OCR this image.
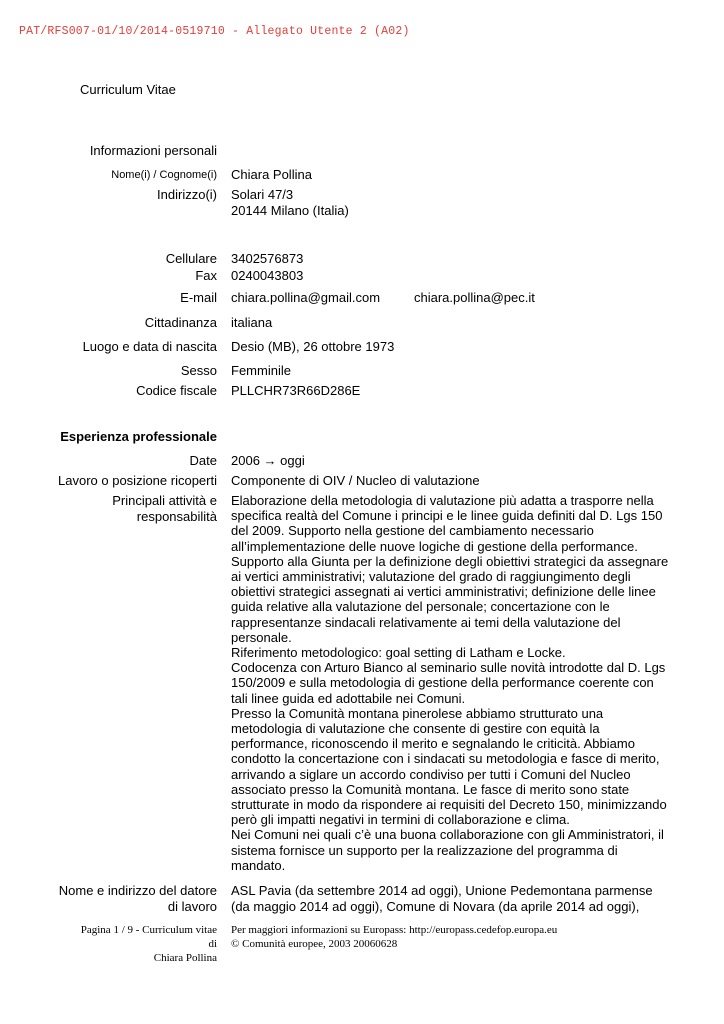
PAT/RFS007-01/10/2014-0519710 - Allegato Utente 2 (A02)
Curriculum Vitae
Informazioni personali
Nome(i) / Cognome(i) Chiara Pollina
Indirizzo(i) Solari 47/3
20144 Milano (Italia)
Cellulare 3402576873
Fax 0240043803
E-mail chiara.pollina@gmail.com	chiara.pollina@pec.it
Cittadinanza italiana
Luogo e data di nascita Desio (MB), 26 ottobre 1973
Sesso Femminile
Codice fiscale PLLCHR73R66D286E
Esperienza professionale
Date 2006 → oggi
Lavoro o posizione ricoperti Componente di OIV / Nucleo di valutazione
Principali attività e
responsabilità
Elaborazione della metodologia di valutazione più adatta a trasporre nella
specifica realtà del Comune i principi e le linee guida definiti dal D. Lgs 150
del 2009. Supporto nella gestione del cambiamento necessario
all’implementazione delle nuove logiche di gestione della performance.
Supporto alla Giunta per la definizione degli obiettivi strategici da assegnare
ai vertici amministrativi; valutazione del grado di raggiungimento degli
obiettivi strategici assegnati ai vertici amministrativi; definizione delle linee
guida relative alla valutazione del personale; concertazione con le
rappresentanze sindacali relativamente ai temi della valutazione del
personale.
Riferimento metodologico: goal setting di Latham e Locke.
Codocenza con Arturo Bianco al seminario sulle novità introdotte dal D. Lgs
150/2009 e sulla metodologia di gestione della performance coerente con
tali linee guida ed adottabile nei Comuni.
Presso la Comunità montana pinerolese abbiamo strutturato una
metodologia di valutazione che consente di gestire con equità la
performance, riconoscendo il merito e segnalando le criticità. Abbiamo
condotto la concertazione con i sindacati su metodologia e fasce di merito,
arrivando a siglare un accordo condiviso per tutti i Comuni del Nucleo
associato presso la Comunità montana. Le fasce di merito sono state
strutturate in modo da rispondere ai requisiti del Decreto 150, minimizzando
però gli impatti negativi in termini di collaborazione e clima.
Nei Comuni nei quali c’è una buona collaborazione con gli Amministratori, il
sistema fornisce un supporto per la realizzazione del programma di
mandato.
Nome e indirizzo del datore
di lavoro
ASL Pavia (da settembre 2014 ad oggi), Unione Pedemontana parmense
(da maggio 2014 ad oggi), Comune di Novara (da aprile 2014 ad oggi),
Pagina 1 / 9 - Curriculum vitae
di
Chiara Pollina
Per maggiori informazioni su Europass: http://europass.cedefop.europa.eu
© Comunità europee, 2003 20060628
